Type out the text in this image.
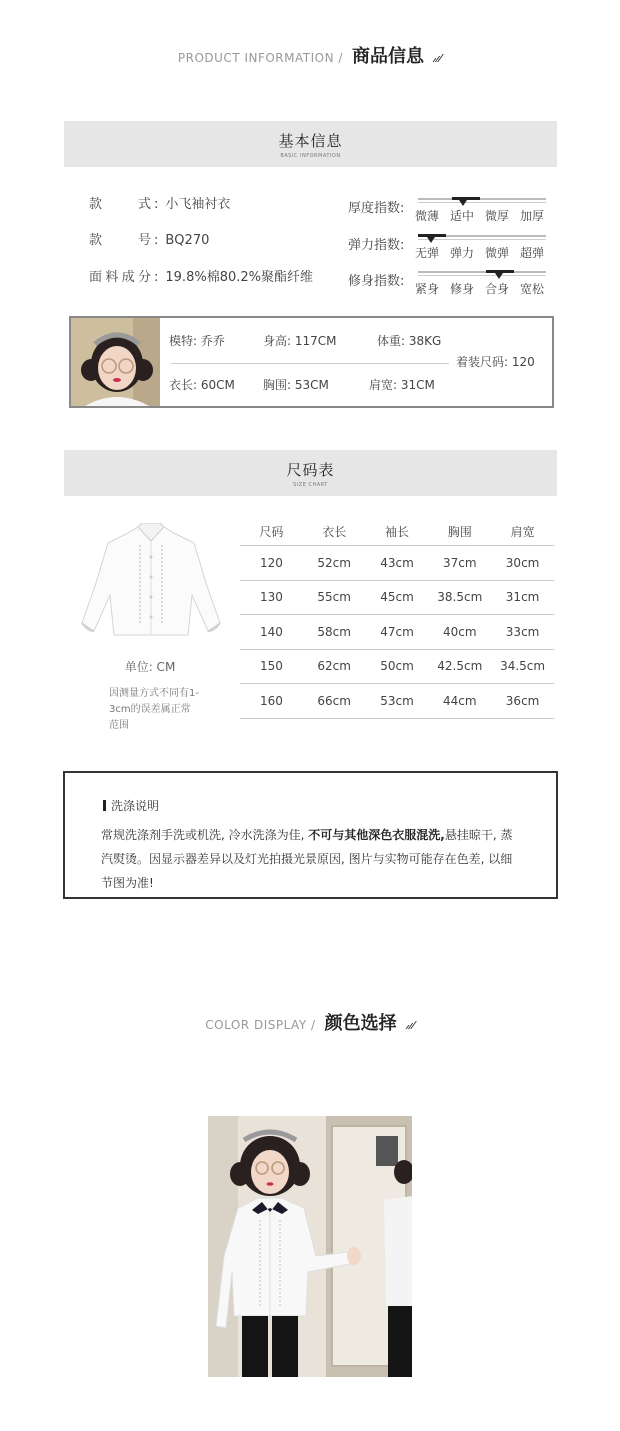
PRODUCT INFORMATION / 商品信息
基本信息
BASIC INFORMATION
款式 : 小飞袖衬衣
款号 : BQ270
面料成分 : 19.8%棉80.2%聚酯纤维
厚度指数: 微薄 适中 微厚 加厚
弹力指数: 无弹 弹力 微弹 超弹
修身指数: 紧身 修身 合身 宽松
模特: 乔乔	身高: 117CM	体重: 38KG
着装尺码: 120
衣长: 60CM 胸围: 53CM	肩宽: 31CM
尺码表
SIZE CHART
单位: CM
因测量方式不同有1-3cm的误差属正常范围
尺码	衣长	袖长	胸围	肩宽
120	52cm	43cm	37cm	30cm
130	55cm	45cm	38.5cm	31cm
140	58cm	47cm	40cm	33cm
150	62cm	50cm	42.5cm	34.5cm
160	66cm	53cm	44cm	36cm
洗涤说明
常规洗涤剂手洗或机洗, 冷水洗涤为佳, 不可与其他深色衣服混洗,悬挂晾干, 蒸汽熨烫。因显示器差异以及灯光拍摄光景原因, 图片与实物可能存在色差, 以细节图为准!
COLOR DISPLAY / 颜色选择
